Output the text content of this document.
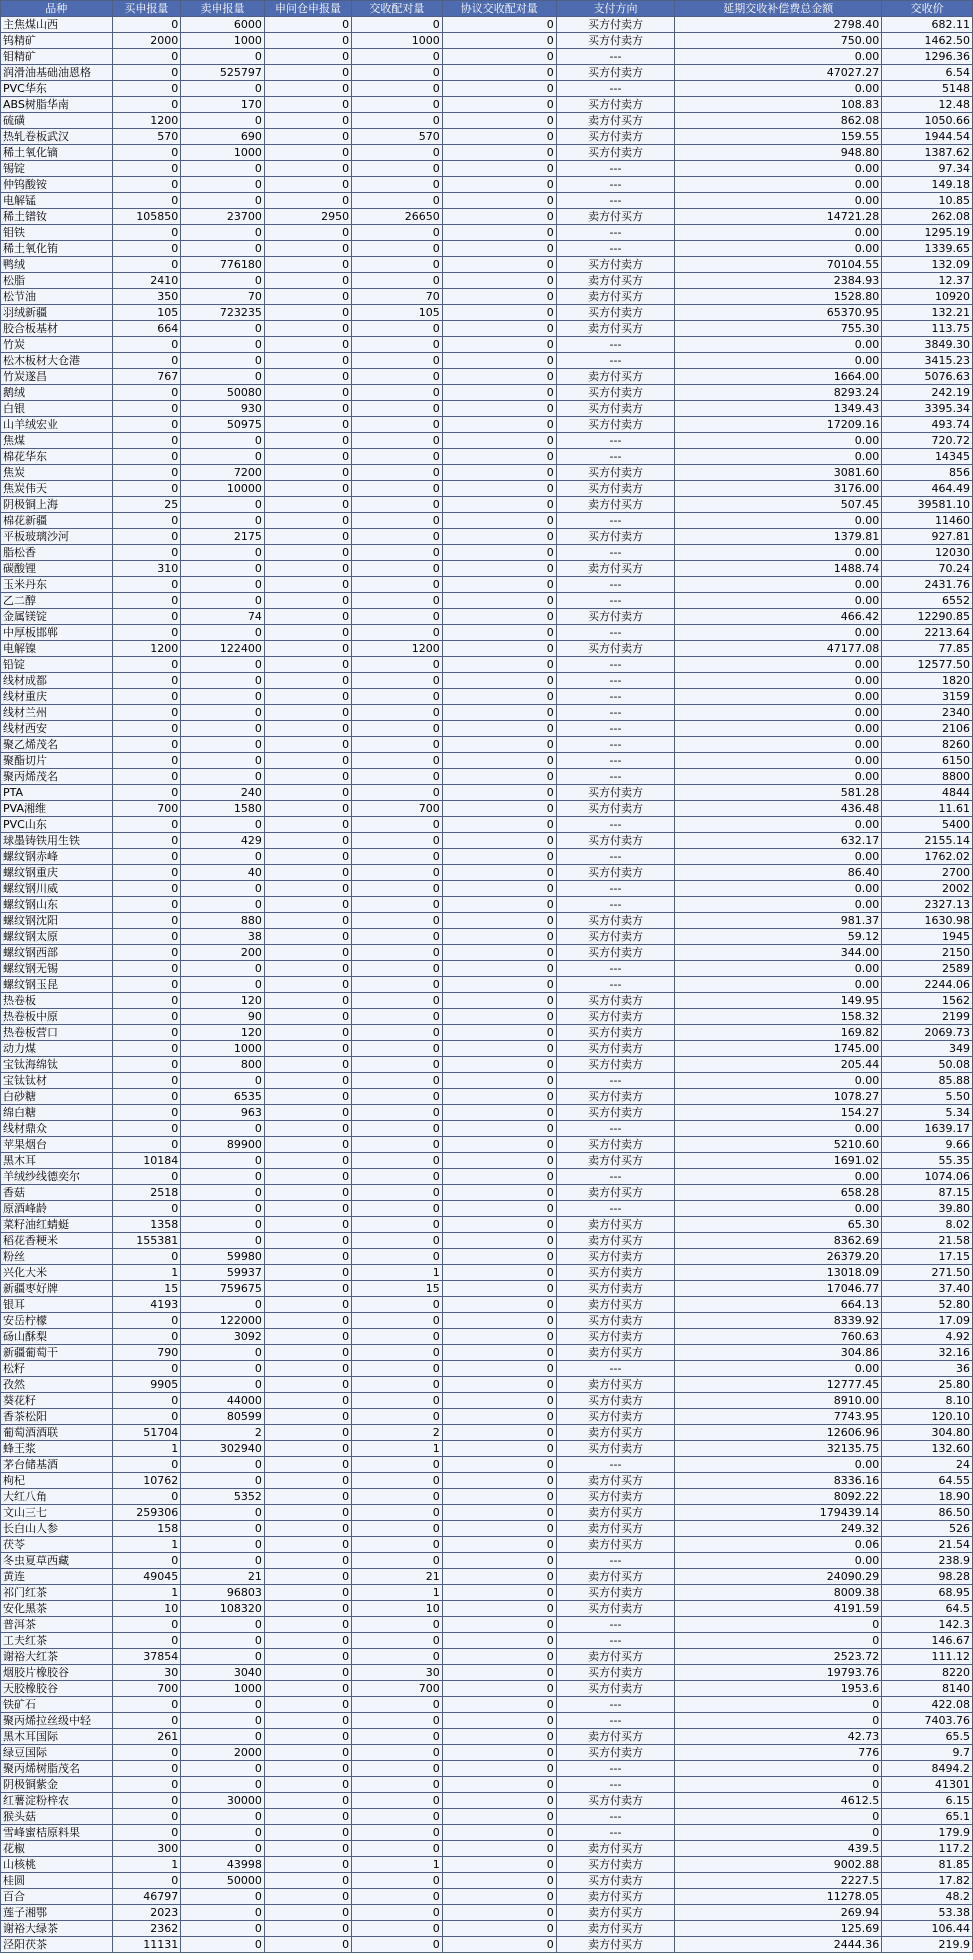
品种	买申报量	卖申报量	申问仓申报量	交收配对量	协议交收配对量	支付方向	延期交收补偿费总金额	交收价
主焦煤山西	0	6000	0	0	0	买方付卖方	2798.40	682.11
钨精矿	2000	1000	0	1000	0	买方付卖方	750.00	1462.50
钼精矿	0	0	0	0	0	---	0.00	1296.36
润滑油基础油恩格	0	525797	0	0	0	买方付卖方	47027.27	6.54
PVC华东	0	0	0	0	0	---	0.00	5148
ABS树脂华南	0	170	0	0	0	买方付卖方	108.83	12.48
硫磺	1200	0	0	0	0	卖方付买方	862.08	1050.66
热轧卷板武汉	570	690	0	570	0	买方付卖方	159.55	1944.54
稀土氧化镝	0	1000	0	0	0	买方付卖方	948.80	1387.62
锡锭	0	0	0	0	0	---	0.00	97.34
仲钨酸铵	0	0	0	0	0	---	0.00	149.18
电解锰	0	0	0	0	0	---	0.00	10.85
稀土镨钕	105850	23700	2950	26650	0	卖方付买方	14721.28	262.08
钼铁	0	0	0	0	0	---	0.00	1295.19
稀土氧化铕	0	0	0	0	0	---	0.00	1339.65
鸭绒	0	776180	0	0	0	买方付卖方	70104.55	132.09
松脂	2410	0	0	0	0	卖方付买方	2384.93	12.37
松节油	350	70	0	70	0	卖方付买方	1528.80	10920
羽绒新疆	105	723235	0	105	0	买方付卖方	65370.95	132.21
胶合板基材	664	0	0	0	0	卖方付买方	755.30	113.75
竹炭	0	0	0	0	0	---	0.00	3849.30
松木板材大仓港	0	0	0	0	0	---	0.00	3415.23
竹炭遂昌	767	0	0	0	0	卖方付买方	1664.00	5076.63
鹅绒	0	50080	0	0	0	买方付卖方	8293.24	242.19
白银	0	930	0	0	0	买方付卖方	1349.43	3395.34
山羊绒宏业	0	50975	0	0	0	买方付卖方	17209.16	493.74
焦煤	0	0	0	0	0	---	0.00	720.72
棉花华东	0	0	0	0	0	---	0.00	14345
焦炭	0	7200	0	0	0	买方付卖方	3081.60	856
焦炭伟天	0	10000	0	0	0	买方付卖方	3176.00	464.49
阴极铜上海	25	0	0	0	0	卖方付买方	507.45	39581.10
棉花新疆	0	0	0	0	0	---	0.00	11460
平板玻璃沙河	0	2175	0	0	0	买方付卖方	1379.81	927.81
脂松香	0	0	0	0	0	---	0.00	12030
碳酸锂	310	0	0	0	0	卖方付买方	1488.74	70.24
玉米丹东	0	0	0	0	0	---	0.00	2431.76
乙二醇	0	0	0	0	0	---	0.00	6552
金属镁锭	0	74	0	0	0	买方付卖方	466.42	12290.85
中厚板邯郸	0	0	0	0	0	---	0.00	2213.64
电解镍	1200	122400	0	1200	0	买方付卖方	47177.08	77.85
铅锭	0	0	0	0	0	---	0.00	12577.50
线材成都	0	0	0	0	0	---	0.00	1820
线材重庆	0	0	0	0	0	---	0.00	3159
线材兰州	0	0	0	0	0	---	0.00	2340
线材西安	0	0	0	0	0	---	0.00	2106
聚乙烯茂名	0	0	0	0	0	---	0.00	8260
聚酯切片	0	0	0	0	0	---	0.00	6150
聚丙烯茂名	0	0	0	0	0	---	0.00	8800
PTA	0	240	0	0	0	买方付卖方	581.28	4844
PVA湘维	700	1580	0	700	0	买方付卖方	436.48	11.61
PVC山东	0	0	0	0	0	---	0.00	5400
球墨铸铁用生铁	0	429	0	0	0	买方付卖方	632.17	2155.14
螺纹钢赤峰	0	0	0	0	0	---	0.00	1762.02
螺纹钢重庆	0	40	0	0	0	买方付卖方	86.40	2700
螺纹钢川威	0	0	0	0	0	---	0.00	2002
螺纹钢山东	0	0	0	0	0	---	0.00	2327.13
螺纹钢沈阳	0	880	0	0	0	买方付卖方	981.37	1630.98
螺纹钢太原	0	38	0	0	0	买方付卖方	59.12	1945
螺纹钢西部	0	200	0	0	0	买方付卖方	344.00	2150
螺纹钢无锡	0	0	0	0	0	---	0.00	2589
螺纹钢玉昆	0	0	0	0	0	---	0.00	2244.06
热卷板	0	120	0	0	0	买方付卖方	149.95	1562
热卷板中原	0	90	0	0	0	买方付卖方	158.32	2199
热卷板营口	0	120	0	0	0	买方付卖方	169.82	2069.73
动力煤	0	1000	0	0	0	买方付卖方	1745.00	349
宝钛海绵钛	0	800	0	0	0	买方付卖方	205.44	50.08
宝钛钛材	0	0	0	0	0	---	0.00	85.88
白砂糖	0	6535	0	0	0	买方付卖方	1078.27	5.50
绵白糖	0	963	0	0	0	买方付卖方	154.27	5.34
线材鼎众	0	0	0	0	0	---	0.00	1639.17
苹果烟台	0	89900	0	0	0	买方付卖方	5210.60	9.66
黑木耳	10184	0	0	0	0	卖方付买方	1691.02	55.35
羊绒纱线德奕尔	0	0	0	0	0	---	0.00	1074.06
香菇	2518	0	0	0	0	卖方付买方	658.28	87.15
原酒峰龄	0	0	0	0	0	---	0.00	39.80
菜籽油红蜻蜓	1358	0	0	0	0	卖方付买方	65.30	8.02
稻花香粳米	155381	0	0	0	0	卖方付买方	8362.69	21.58
粉丝	0	59980	0	0	0	买方付卖方	26379.20	17.15
兴化大米	1	59937	0	1	0	买方付卖方	13018.09	271.50
新疆枣好牌	15	759675	0	15	0	买方付卖方	17046.77	37.40
银耳	4193	0	0	0	0	卖方付买方	664.13	52.80
安岳柠檬	0	122000	0	0	0	买方付卖方	8339.92	17.09
砀山酥梨	0	3092	0	0	0	买方付卖方	760.63	4.92
新疆葡萄干	790	0	0	0	0	卖方付买方	304.86	32.16
松籽	0	0	0	0	0	---	0.00	36
孜然	9905	0	0	0	0	卖方付买方	12777.45	25.80
葵花籽	0	44000	0	0	0	买方付卖方	8910.00	8.10
香茶松阳	0	80599	0	0	0	买方付卖方	7743.95	120.10
葡萄酒酒联	51704	2	0	2	0	卖方付买方	12606.96	304.80
蜂王浆	1	302940	0	1	0	买方付卖方	32135.75	132.60
茅台储基酒	0	0	0	0	0	---	0.00	24
枸杞	10762	0	0	0	0	卖方付买方	8336.16	64.55
大红八角	0	5352	0	0	0	买方付卖方	8092.22	18.90
文山三七	259306	0	0	0	0	卖方付买方	179439.14	86.50
长白山人参	158	0	0	0	0	卖方付买方	249.32	526
茯苓	1	0	0	0	0	卖方付买方	0.06	21.54
冬虫夏草西藏	0	0	0	0	0	---	0.00	238.9
黄连	49045	21	0	21	0	卖方付买方	24090.29	98.28
祁门红茶	1	96803	0	1	0	买方付卖方	8009.38	68.95
安化黑茶	10	108320	0	10	0	买方付卖方	4191.59	64.5
普洱茶	0	0	0	0	0	---	0	142.3
工夫红茶	0	0	0	0	0	---	0	146.67
谢裕大红茶	37854	0	0	0	0	卖方付买方	2523.72	111.12
烟胶片橡胶谷	30	3040	0	30	0	买方付卖方	19793.76	8220
天胶橡胶谷	700	1000	0	700	0	买方付卖方	1953.6	8140
铁矿石	0	0	0	0	0	---	0	422.08
聚丙烯拉丝级中轻	0	0	0	0	0	---	0	7403.76
黑木耳国际	261	0	0	0	0	卖方付买方	42.73	65.5
绿豆国际	0	2000	0	0	0	买方付卖方	776	9.7
聚丙烯树脂茂名	0	0	0	0	0	---	0	8494.2
阴极铜紫金	0	0	0	0	0	---	0	41301
红薯淀粉梓农	0	30000	0	0	0	买方付卖方	4612.5	6.15
猴头菇	0	0	0	0	0	---	0	65.1
雪峰蜜桔原料果	0	0	0	0	0	---	0	179.9
花椒	300	0	0	0	0	卖方付买方	439.5	117.2
山核桃	1	43998	0	1	0	买方付卖方	9002.88	81.85
桂圆	0	50000	0	0	0	买方付卖方	2227.5	17.82
百合	46797	0	0	0	0	卖方付买方	11278.05	48.2
莲子湘鄂	2023	0	0	0	0	卖方付买方	269.94	53.38
谢裕大绿茶	2362	0	0	0	0	卖方付买方	125.69	106.44
泾阳茯茶	11131	0	0	0	0	卖方付买方	2444.36	219.9
